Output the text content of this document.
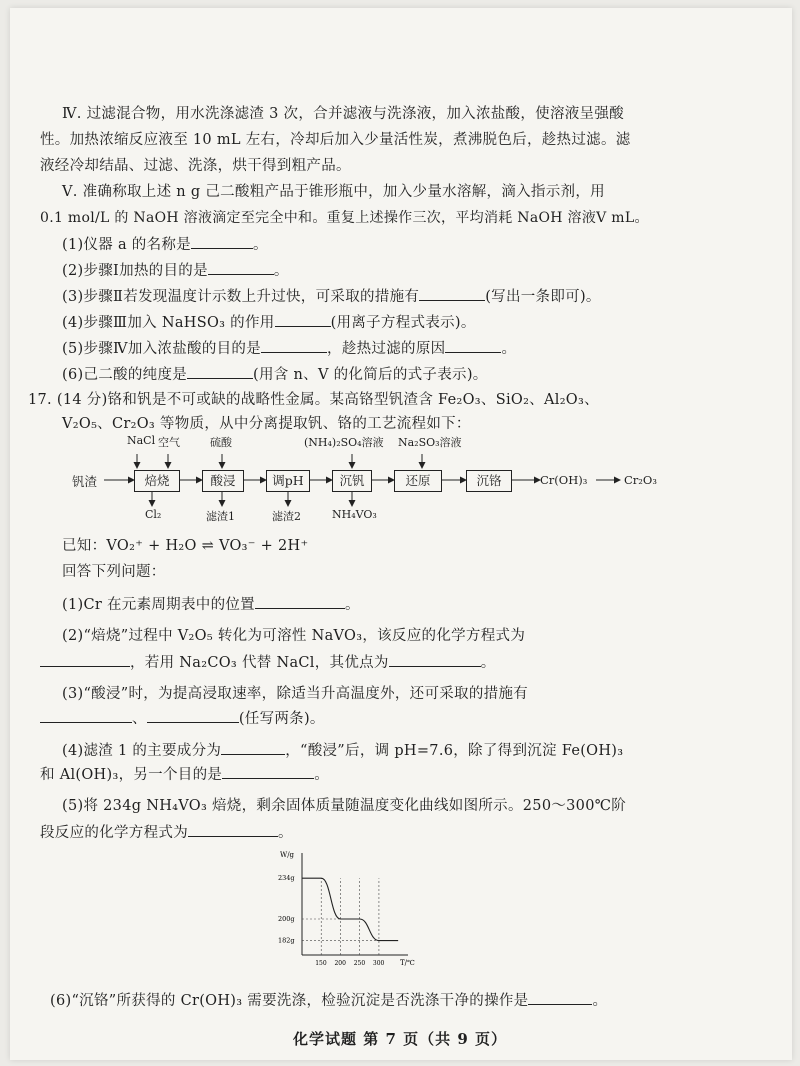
Ⅳ. 过滤混合物，用水洗涤滤渣 3 次，合并滤液与洗涤液，加入浓盐酸，使溶液呈强酸
性。加热浓缩反应液至 10 mL 左右，冷却后加入少量活性炭，煮沸脱色后，趁热过滤。滤
液经冷却结晶、过滤、洗涤，烘干得到粗产品。
Ⅴ. 准确称取上述 n g 己二酸粗产品于锥形瓶中，加入少量水溶解，滴入指示剂，用
0.1 mol/L 的 NaOH 溶液滴定至完全中和。重复上述操作三次，平均消耗 NaOH 溶液V mL。
(1)仪器 a 的名称是	。
(2)步骤Ⅰ加热的目的是	。
(3)步骤Ⅱ若发现温度计示数上升过快，可采取的措施有	(写出一条即可)。
(4)步骤Ⅲ加入 NaHSO₃ 的作用	(用离子方程式表示)。
(5)步骤Ⅳ加入浓盐酸的目的是	，趁热过滤的原因	。
(6)己二酸的纯度是	(用含 n、V 的化简后的式子表示)。
17. (14 分)铬和钒是不可或缺的战略性金属。某高铬型钒渣含 Fe₂O₃、SiO₂、Al₂O₃、
V₂O₅、Cr₂O₃ 等物质，从中分离提取钒、铬的工艺流程如下：
钒渣	焙烧	酸浸	调pH	沉钒	还原	沉铬
NaCl 空气	硫酸	(NH₄)₂SO₄溶液 Na₂SO₃溶液
Cl₂	滤渣1	滤渣2	NH₄VO₃
Cr(OH)₃	Cr₂O₃
已知：VO₂⁺ + H₂O ⇌ VO₃⁻ + 2H⁺
回答下列问题：
(1)Cr 在元素周期表中的位置	。
(2)“焙烧”过程中 V₂O₅ 转化为可溶性 NaVO₃，该反应的化学方程式为
，若用 Na₂CO₃ 代替 NaCl，其优点为	。
(3)“酸浸”时，为提高浸取速率，除适当升高温度外，还可采取的措施有
、	(任写两条)。
(4)滤渣 1 的主要成分为	，“酸浸”后，调 pH=7.6，除了得到沉淀 Fe(OH)₃
和 Al(OH)₃，另一个目的是	。
(5)将 234g NH₄VO₃ 焙烧，剩余固体质量随温度变化曲线如图所示。250～300℃阶
段反应的化学方程式为	。
W/g
T/℃
234g
200g
182g
150 200 250 300
(6)“沉铬”所获得的 Cr(OH)₃ 需要洗涤，检验沉淀是否洗涤干净的操作是	。
化学试题 第 7 页（共 9 页）
